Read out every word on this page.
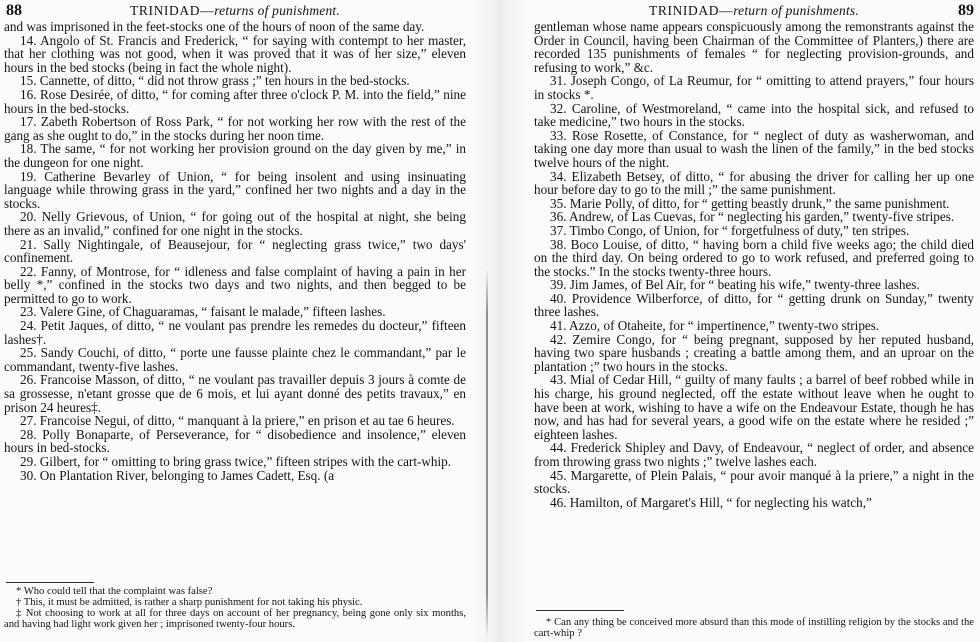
88	TRINIDAD—returns of punishment.

and was imprisoned in the feet-stocks one of the hours of noon of the same day.

14. Angolo of St. Francis and Frederick, “ for saying with contempt to her master, that her clothing was not good, when it was proved that it was of her size,” eleven hours in the bed stocks (being in fact the whole night).

15. Cannette, of ditto, “ did not throw grass ;” ten hours in the bed-stocks.

16. Rose Desirée, of ditto, “ for coming after three o'clock P. M. into the field,” nine hours in the bed-stocks.

17. Zabeth Robertson of Ross Park, “ for not working her row with the rest of the gang as she ought to do,” in the stocks during her noon time.

18. The same, “ for not working her provision ground on the day given by me,” in the dungeon for one night.

19. Catherine Bevarley of Union, “ for being insolent and using insinuating language while throwing grass in the yard,” confined her two nights and a day in the stocks.

20. Nelly Grievous, of Union, “ for going out of the hospital at night, she being there as an invalid,” confined for one night in the stocks.

21. Sally Nightingale, of Beausejour, for “ neglecting grass twice,” two days' confinement.

22. Fanny, of Montrose, for “ idleness and false complaint of having a pain in her belly *,” confined in the stocks two days and two nights, and then begged to be permitted to go to work.

23. Valere Gine, of Chaguaramas, “ faisant le malade,” fifteen lashes.

24. Petit Jaques, of ditto, “ ne voulant pas prendre les remedes du docteur,” fifteen lashes†.

25. Sandy Couchi, of ditto, “ porte une fausse plainte chez le commandant,” par le commandant, twenty-five lashes.

26. Francoise Masson, of ditto, “ ne voulant pas travailler depuis 3 jours à comte de sa grossesse, n'etant grosse que de 6 mois, et lui ayant donné des petits travaux,” en prison 24 heures‡.

27. Francoise Negui, of ditto, “ manquant à la priere,” en prison et au tae 6 heures.

28. Polly Bonaparte, of Perseverance, for “ disobedience and insolence,” eleven hours in bed-stocks.

29. Gilbert, for “ omitting to bring grass twice,” fifteen stripes with the cart-whip.

30. On Plantation River, belonging to James Cadett, Esq. (a

* Who could tell that the complaint was false?

† This, it must be admitted, is rather a sharp punishment for not taking his physic.

‡ Not choosing to work at all for three days on account of her pregnancy, being gone only six months, and having had light work given her ; imprisoned twenty-four hours.

TRINIDAD—return of punishments.	89

gentleman whose name appears conspicuously among the remonstrants against the Order in Council, having been Chairman of the Committee of Planters,) there are recorded 135 punishments of females “ for neglecting provision-grounds, and refusing to work,” &c.

31. Joseph Congo, of La Reumur, for “ omitting to attend prayers,” four hours in stocks *.

32. Caroline, of Westmoreland, “ came into the hospital sick, and refused to take medicine,” two hours in the stocks.

33. Rose Rosette, of Constance, for “ neglect of duty as washerwoman, and taking one day more than usual to wash the linen of the family,” in the bed stocks twelve hours of the night.

34. Elizabeth Betsey, of ditto, “ for abusing the driver for calling her up one hour before day to go to the mill ;” the same punishment.

35. Marie Polly, of ditto, for “ getting beastly drunk,” the same punishment.

36. Andrew, of Las Cuevas, for “ neglecting his garden,” twenty-five stripes.

37. Timbo Congo, of Union, for “ forgetfulness of duty,” ten stripes.

38. Boco Louise, of ditto, “ having born a child five weeks ago; the child died on the third day. On being ordered to go to work refused, and preferred going to the stocks.” In the stocks twenty-three hours.

39. Jim James, of Bel Air, for “ beating his wife,” twenty-three lashes.

40. Providence Wilberforce, of ditto, for “ getting drunk on Sunday,” twenty three lashes.

41. Azzo, of Otaheite, for “ impertinence,” twenty-two stripes.

42. Zemire Congo, for “ being pregnant, supposed by her reputed husband, having two spare husbands ; creating a battle among them, and an uproar on the plantation ;” two hours in the stocks.

43. Mial of Cedar Hill, “ guilty of many faults ; a barrel of beef robbed while in his charge, his ground neglected, off the estate without leave when he ought to have been at work, wishing to have a wife on the Endeavour Estate, though he has now, and has had for several years, a good wife on the estate where he resided ;” eighteen lashes.

44. Frederick Shipley and Davy, of Endeavour, “ neglect of order, and absence from throwing grass two nights ;” twelve lashes each.

45. Margarette, of Plein Palais, “ pour avoir manqué à la priere,” a night in the stocks.

46. Hamilton, of Margaret's Hill, “ for neglecting his watch,”

* Can any thing be conceived more absurd than this mode of instilling religion by the stocks and the cart-whip ?
